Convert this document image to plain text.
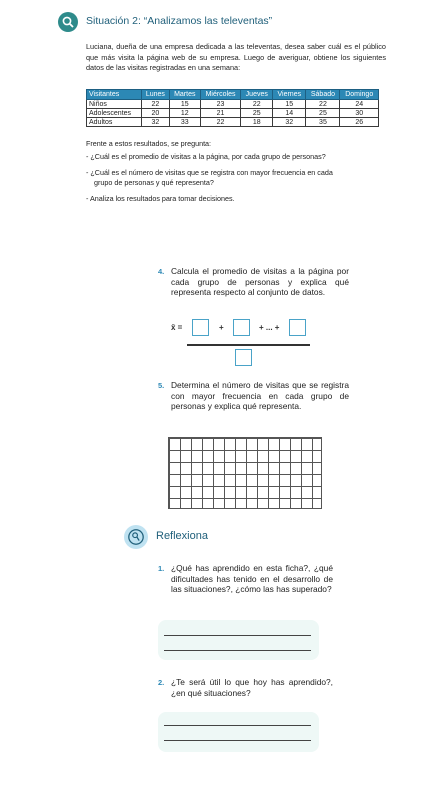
Situación 2: “Analizamos las televentas”
Luciana, dueña de una empresa dedicada a las televentas, desea saber cuál es el público que más visita la página web de su empresa. Luego de averiguar, obtiene los siguientes datos de las visitas registradas en una semana:
Visitantes	Lunes	Martes	Miércoles	Jueves	Viernes	Sábado	Domingo
Niños	22	15	23	22	15	22	24
Adolescentes	20	12	21	25	14	25	30
Adultos	32	33	22	18	32	35	26
Frente a estos resultados, se pregunta:
- ¿Cuál es el promedio de visitas a la página, por cada grupo de personas?
- ¿Cuál es el número de visitas que se registra con mayor frecuencia en cada
grupo de personas y qué representa?
- Analiza los resultados para tomar decisiones.
4. Calcula el promedio de visitas a la página por cada grupo de personas y explica qué representa respecto al conjunto de datos.
x̄ =	+	+ ... +
5. Determina el número de visitas que se registra con mayor frecuencia en cada grupo de personas y explica qué representa.
Reflexiona
1. ¿Qué has aprendido en esta ficha?, ¿qué dificultades has tenido en el desarrollo de las situaciones?, ¿cómo las has superado?
2. ¿Te será útil lo que hoy has aprendido?, ¿en qué situaciones?
